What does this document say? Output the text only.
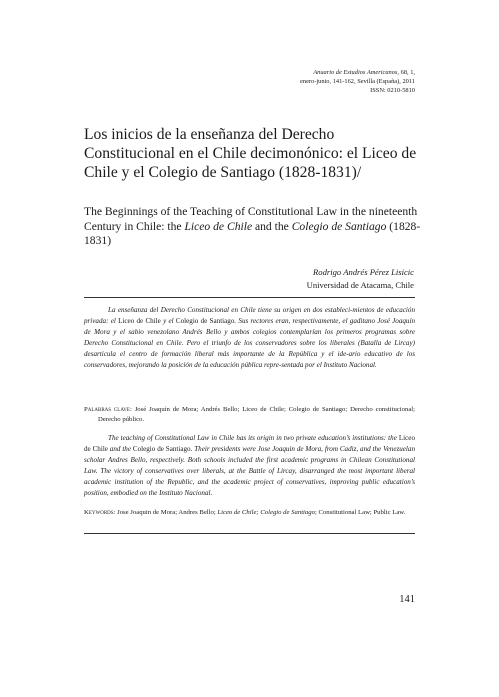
Anuario de Estudios Americanos, 68, 1,
enero-junio, 141-162, Sevilla (España), 2011
ISSN: 0210-5810
Los inicios de la enseñanza del Derecho Constitucional en el Chile decimonónico: el Liceo de Chile y el Colegio de Santiago (1828-1831)/
The Beginnings of the Teaching of Constitutional Law in the nineteenth Century in Chile: the Liceo de Chile and the Colegio de Santiago (1828-1831)
Rodrigo Andrés Pérez Lisicic
Universidad de Atacama, Chile

La enseñanza del Derecho Constitucional en Chile tiene su origen en dos estableci-mientos de educación privada: el Liceo de Chile y el Colegio de Santiago. Sus rectores eran, respectivamente, el gaditano José Joaquín de Mora y el sabio venezolano Andrés Bello y ambos colegios contemplarían los primeros programas sobre Derecho Constitucional en Chile. Pero el triunfo de los conservadores sobre los liberales (Batalla de Lircay) desarticula el centro de formación liberal más importante de la República y el ide-ario educativo de los conservadores, mejorando la posición de la educación pública repre-sentada por el Instituto Nacional.

Palabras clave: José Joaquín de Mora; Andrés Bello; Liceo de Chile; Colegio de Santiago; Derecho constitucional; Derecho público.

The teaching of Constitutional Law in Chile has its origin in two private education’s institutions: the Liceo de Chile and the Colegio de Santiago. Their presidents were Jose Joaquin de Mora, from Cadiz, and the Venezuelan scholar Andres Bello, respectively. Both schools included the first academic programs in Chilean Constitutional Law. The victory of conservatives over liberals, at the Battle of Lircay, disarranged the most important liberal academic institution of the Republic, and the academic project of conservatives, improving public education’s position, embodied on the Instituto Nacional.

Keywords: Jose Joaquin de Mora; Andres Bello; Liceo de Chile; Colegio de Santiago; Constitutional Law; Public Law.
141
